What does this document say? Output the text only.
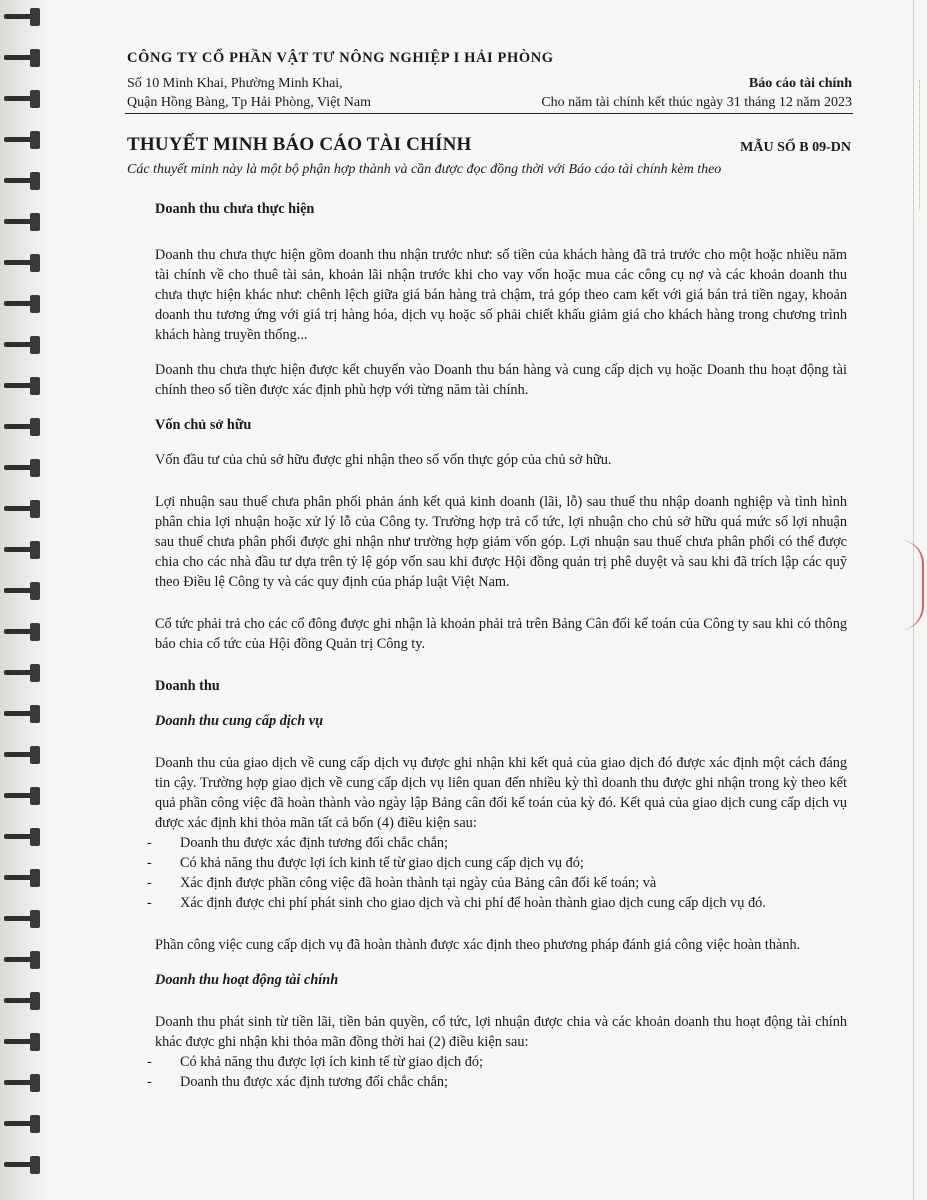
CÔNG TY CỔ PHẦN VẬT TƯ NÔNG NGHIỆP I HẢI PHÒNG
Số 10 Minh Khai, Phường Minh Khai,
Quận Hồng Bàng, Tp Hải Phòng, Việt Nam
Báo cáo tài chính
Cho năm tài chính kết thúc ngày 31 tháng 12 năm 2023
THUYẾT MINH BÁO CÁO TÀI CHÍNH	MẪU SỐ B 09-DN
Các thuyết minh này là một bộ phận hợp thành và cần được đọc đồng thời với Báo cáo tài chính kèm theo

Doanh thu chưa thực hiện

Doanh thu chưa thực hiện gồm doanh thu nhận trước như: số tiền của khách hàng đã trả trước cho một hoặc nhiều năm tài chính về cho thuê tài sản, khoản lãi nhận trước khi cho vay vốn hoặc mua các công cụ nợ và các khoản doanh thu chưa thực hiện khác như: chênh lệch giữa giá bán hàng trả chậm, trả góp theo cam kết với giá bán trả tiền ngay, khoản doanh thu tương ứng với giá trị hàng hóa, dịch vụ hoặc số phải chiết khấu giảm giá cho khách hàng trong chương trình khách hàng truyền thống...

Doanh thu chưa thực hiện được kết chuyển vào Doanh thu bán hàng và cung cấp dịch vụ hoặc Doanh thu hoạt động tài chính theo số tiền được xác định phù hợp với từng năm tài chính.

Vốn chủ sở hữu

Vốn đầu tư của chủ sở hữu được ghi nhận theo số vốn thực góp của chủ sở hữu.

Lợi nhuận sau thuế chưa phân phối phản ánh kết quả kinh doanh (lãi, lỗ) sau thuế thu nhập doanh nghiệp và tình hình phân chia lợi nhuận hoặc xử lý lỗ của Công ty. Trường hợp trả cổ tức, lợi nhuận cho chủ sở hữu quá mức số lợi nhuận sau thuế chưa phân phối được ghi nhận như trường hợp giảm vốn góp. Lợi nhuận sau thuế chưa phân phối có thể được chia cho các nhà đầu tư dựa trên tỷ lệ góp vốn sau khi được Hội đồng quản trị phê duyệt và sau khi đã trích lập các quỹ theo Điều lệ Công ty và các quy định của pháp luật Việt Nam.

Cổ tức phải trả cho các cổ đông được ghi nhận là khoản phải trả trên Bảng Cân đối kế toán của Công ty sau khi có thông báo chia cổ tức của Hội đồng Quản trị Công ty.

Doanh thu

Doanh thu cung cấp dịch vụ

Doanh thu của giao dịch về cung cấp dịch vụ được ghi nhận khi kết quả của giao dịch đó được xác định một cách đáng tin cậy. Trường hợp giao dịch về cung cấp dịch vụ liên quan đến nhiều kỳ thì doanh thu được ghi nhận trong kỳ theo kết quả phần công việc đã hoàn thành vào ngày lập Bảng cân đối kế toán của kỳ đó. Kết quả của giao dịch cung cấp dịch vụ được xác định khi thỏa mãn tất cả bốn (4) điều kiện sau:

- Doanh thu được xác định tương đối chắc chắn;
- Có khả năng thu được lợi ích kinh tế từ giao dịch cung cấp dịch vụ đó;
- Xác định được phần công việc đã hoàn thành tại ngày của Bảng cân đối kế toán; và
- Xác định được chi phí phát sinh cho giao dịch và chi phí để hoàn thành giao dịch cung cấp dịch vụ đó.

Phần công việc cung cấp dịch vụ đã hoàn thành được xác định theo phương pháp đánh giá công việc hoàn thành.

Doanh thu hoạt động tài chính

Doanh thu phát sinh từ tiền lãi, tiền bản quyền, cổ tức, lợi nhuận được chia và các khoản doanh thu hoạt động tài chính khác được ghi nhận khi thỏa mãn đồng thời hai (2) điều kiện sau:

- Có khả năng thu được lợi ích kinh tế từ giao dịch đó;
- Doanh thu được xác định tương đối chắc chắn;
